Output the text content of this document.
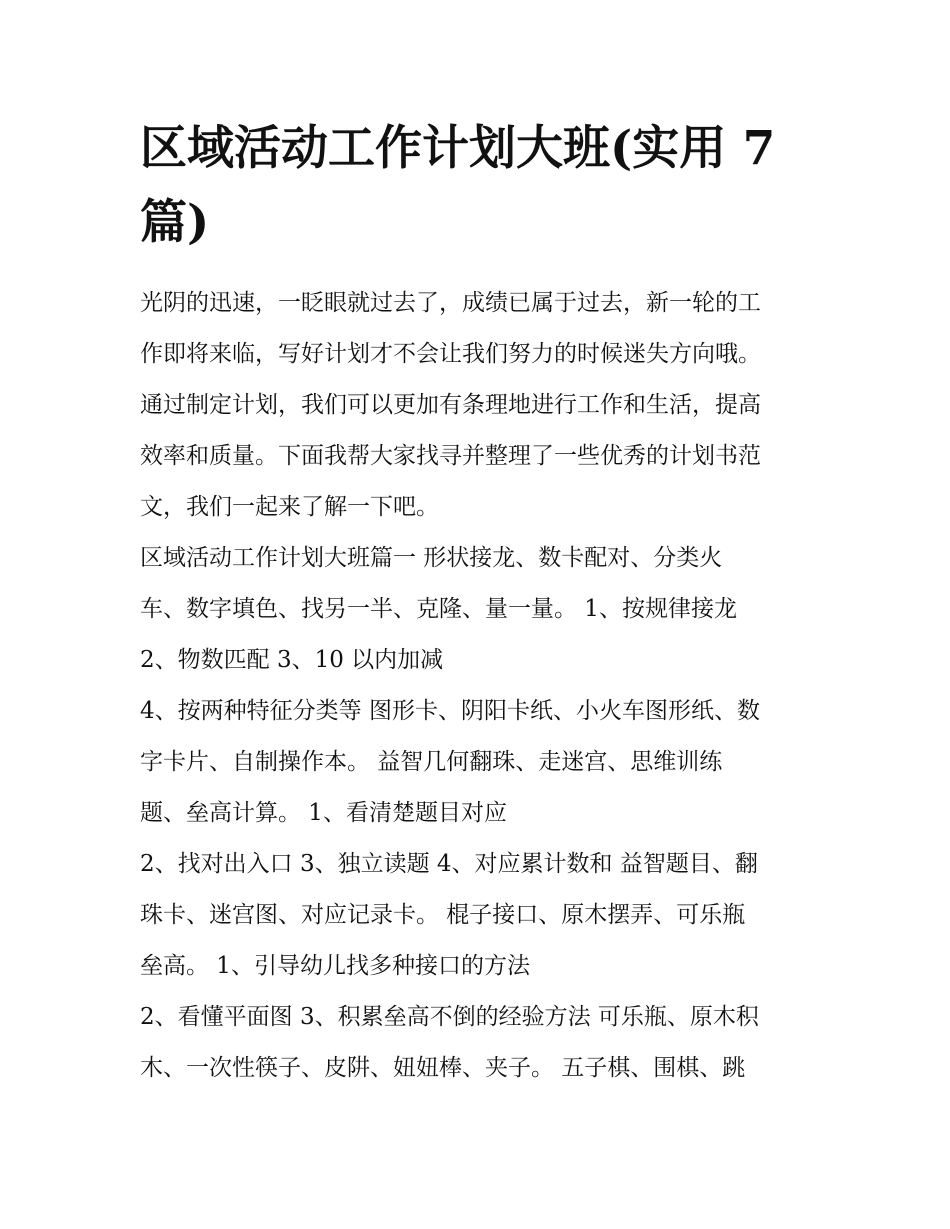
区域活动工作计划大班(实用 7
篇)
光阴的迅速，一眨眼就过去了，成绩已属于过去，新一轮的工
作即将来临，写好计划才不会让我们努力的时候迷失方向哦。
通过制定计划，我们可以更加有条理地进行工作和生活，提高
效率和质量。下面我帮大家找寻并整理了一些优秀的计划书范
文，我们一起来了解一下吧。
区域活动工作计划大班篇一 形状接龙、数卡配对、分类火
车、数字填色、找另一半、克隆、量一量。 1、按规律接龙
2、物数匹配 3、10 以内加减
4、按两种特征分类等 图形卡、阴阳卡纸、小火车图形纸、数
字卡片、自制操作本。 益智几何翻珠、走迷宫、思维训练
题、垒高计算。 1、看清楚题目对应
2、找对出入口 3、独立读题 4、对应累计数和 益智题目、翻
珠卡、迷宫图、对应记录卡。 棍子接口、原木摆弄、可乐瓶
垒高。 1、引导幼儿找多种接口的方法
2、看懂平面图 3、积累垒高不倒的经验方法 可乐瓶、原木积
木、一次性筷子、皮阱、妞妞棒、夹子。 五子棋、围棋、跳
